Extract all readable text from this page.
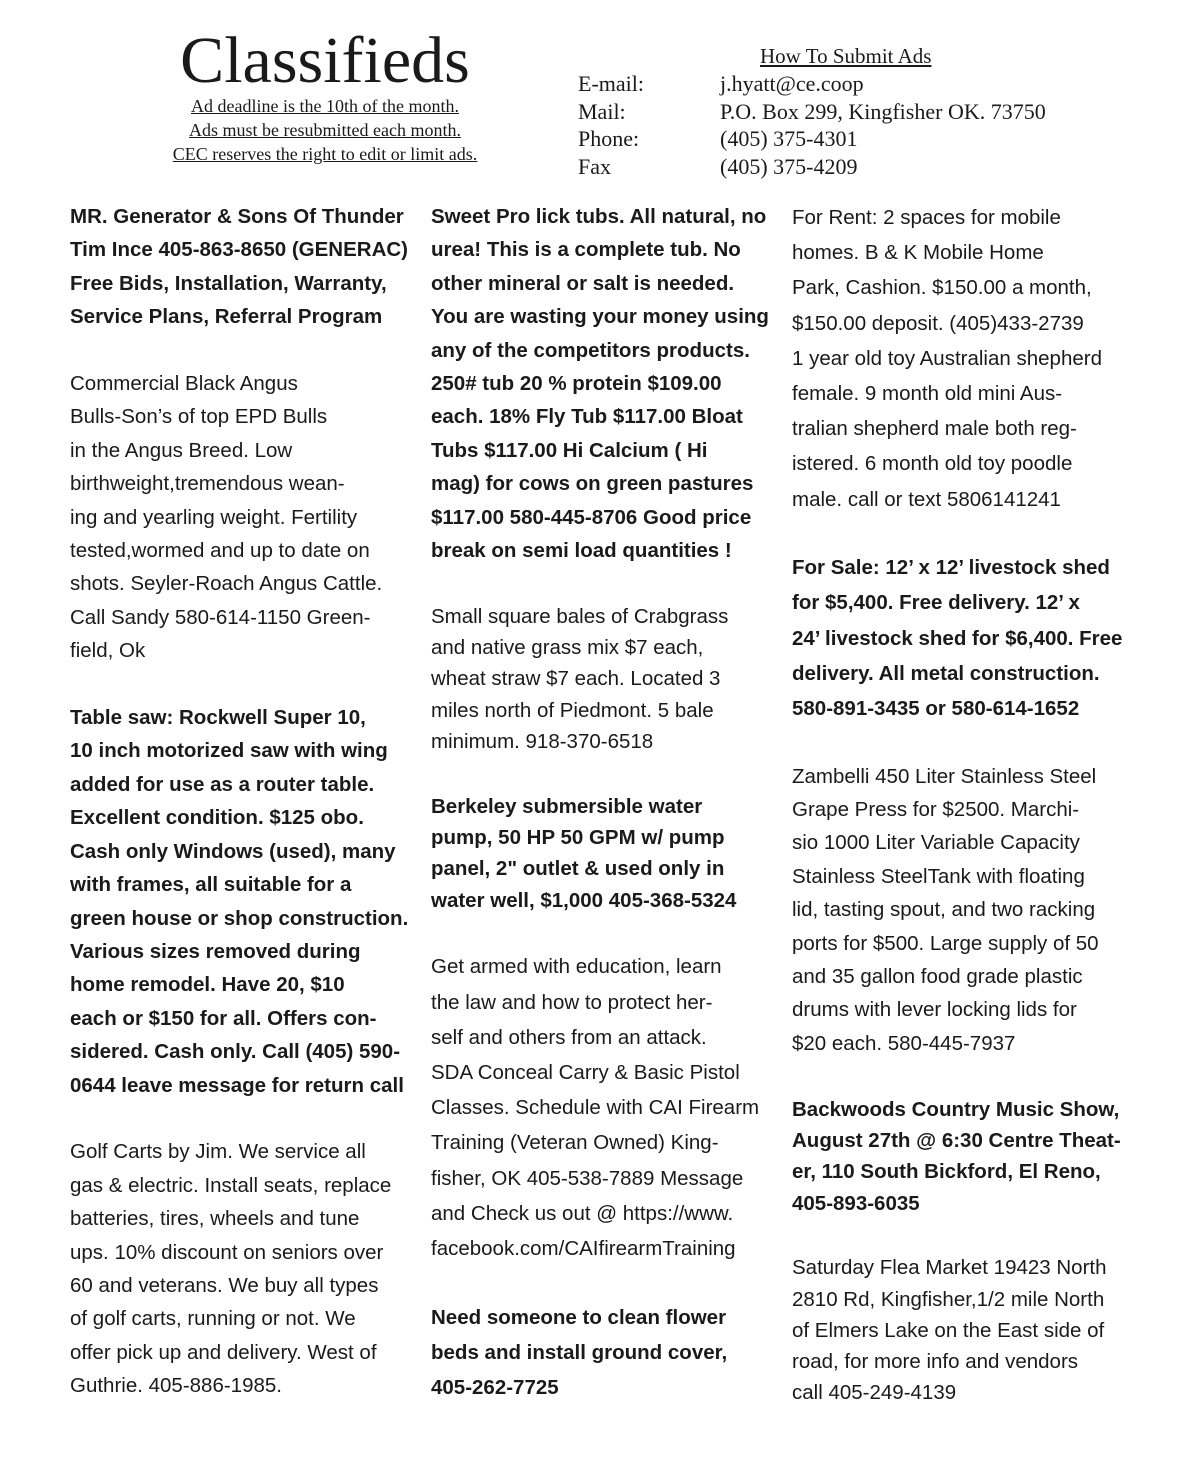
Classifieds
Ad deadline is the 10th of the month.
Ads must be resubmitted each month.
CEC reserves the right to edit or limit ads.
How To Submit Ads
E-mail:	j.hyatt@ce.coop
Mail:	P.O. Box 299, Kingfisher OK. 73750
Phone:	(405) 375-4301
Fax	(405) 375-4209
MR. Generator & Sons Of Thunder
Tim Ince 405-863-8650 (GENERAC)
Free Bids, Installation, Warranty,
Service Plans, Referral Program
Commercial Black Angus
Bulls-Son’s of top EPD Bulls
in the Angus Breed. Low
birthweight,tremendous wean-
ing and yearling weight. Fertility
tested,wormed and up to date on
shots. Seyler-Roach Angus Cattle.
Call Sandy 580-614-1150 Green-
field, Ok
Table saw: Rockwell Super 10,
10 inch motorized saw with wing
added for use as a router table.
Excellent condition. $125 obo.
Cash only Windows (used), many
with frames, all suitable for a
green house or shop construction.
Various sizes removed during
home remodel. Have 20, $10
each or $150 for all. Offers con-
sidered. Cash only. Call (405) 590-
0644 leave message for return call
Golf Carts by Jim. We service all
gas & electric. Install seats, replace
batteries, tires, wheels and tune
ups. 10% discount on seniors over
60 and veterans. We buy all types
of golf carts, running or not. We
offer pick up and delivery. West of
Guthrie. 405-886-1985.
Sweet Pro lick tubs. All natural, no
urea! This is a complete tub. No
other mineral or salt is needed.
You are wasting your money using
any of the competitors products.
250# tub 20 % protein $109.00
each. 18% Fly Tub $117.00 Bloat
Tubs $117.00 Hi Calcium ( Hi
mag) for cows on green pastures
$117.00 580-445-8706 Good price
break on semi load quantities !
Small square bales of Crabgrass
and native grass mix $7 each,
wheat straw $7 each. Located 3
miles north of Piedmont. 5 bale
minimum. 918-370-6518
Berkeley submersible water
pump, 50 HP 50 GPM w/ pump
panel, 2" outlet & used only in
water well, $1,000 405-368-5324
Get armed with education, learn
the law and how to protect her-
self and others from an attack.
SDA Conceal Carry & Basic Pistol
Classes. Schedule with CAI Firearm
Training (Veteran Owned) King-
fisher, OK 405-538-7889 Message
and Check us out @ https://www.
facebook.com/CAIfirearmTraining
Need someone to clean flower
beds and install ground cover,
405-262-7725
For Rent: 2 spaces for mobile
homes. B & K Mobile Home
Park, Cashion. $150.00 a month,
$150.00 deposit. (405)433-2739
1 year old toy Australian shepherd
female. 9 month old mini Aus-
tralian shepherd male both reg-
istered. 6 month old toy poodle
male. call or text 5806141241
For Sale: 12’ x 12’ livestock shed
for $5,400. Free delivery. 12’ x
24’ livestock shed for $6,400. Free
delivery. All metal construction.
580-891-3435 or 580-614-1652
Zambelli 450 Liter Stainless Steel
Grape Press for $2500. Marchi-
sio 1000 Liter Variable Capacity
Stainless SteelTank with floating
lid, tasting spout, and two racking
ports for $500. Large supply of 50
and 35 gallon food grade plastic
drums with lever locking lids for
$20 each. 580-445-7937
Backwoods Country Music Show,
August 27th @ 6:30 Centre Theat-
er, 110 South Bickford, El Reno,
405-893-6035
Saturday Flea Market 19423 North
2810 Rd, Kingfisher,1/2 mile North
of Elmers Lake on the East side of
road, for more info and vendors
call 405-249-4139
